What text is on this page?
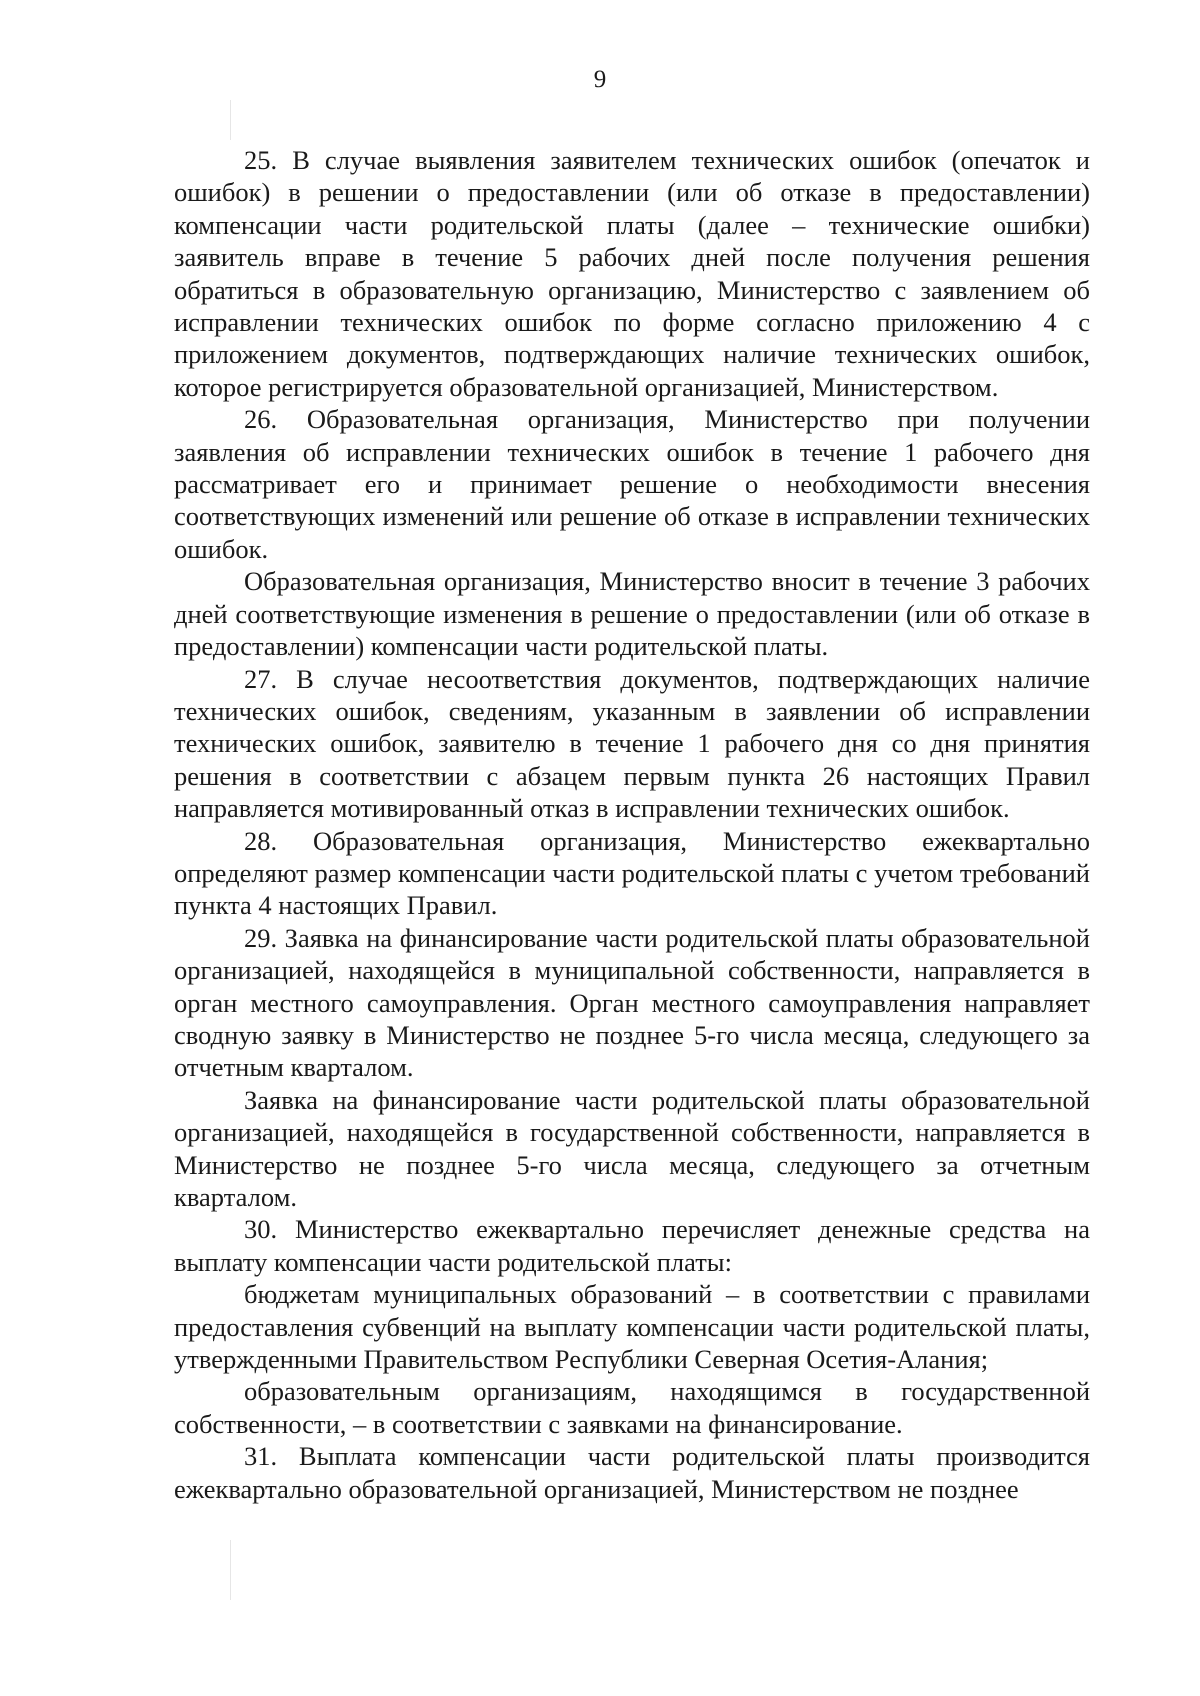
9

25. В случае выявления заявителем технических ошибок (опечаток и ошибок) в решении о предоставлении (или об отказе в предоставлении) компенсации части родительской платы (далее – технические ошибки) заявитель вправе в течение 5 рабочих дней после получения решения обратиться в образовательную организацию, Министерство с заявлением об исправлении технических ошибок по форме согласно приложению 4 с приложением документов, подтверждающих наличие технических ошибок, которое регистрируется образовательной организацией, Министерством.

26. Образовательная организация, Министерство при получении заявления об исправлении технических ошибок в течение 1 рабочего дня рассматривает его и принимает решение о необходимости внесения соответствующих изменений или решение об отказе в исправлении технических ошибок.

Образовательная организация, Министерство вносит в течение 3 рабочих дней соответствующие изменения в решение о предоставлении (или об отказе в предоставлении) компенсации части родительской платы.

27. В случае несоответствия документов, подтверждающих наличие технических ошибок, сведениям, указанным в заявлении об исправлении технических ошибок, заявителю в течение 1 рабочего дня со дня принятия решения в соответствии с абзацем первым пункта 26 настоящих Правил направляется мотивированный отказ в исправлении технических ошибок.

28. Образовательная организация, Министерство ежеквартально определяют размер компенсации части родительской платы с учетом требований пункта 4 настоящих Правил.

29. Заявка на финансирование части родительской платы образовательной организацией, находящейся в муниципальной собственности, направляется в орган местного самоуправления. Орган местного самоуправления направляет сводную заявку в Министерство не позднее 5-го числа месяца, следующего за отчетным кварталом.

Заявка на финансирование части родительской платы образовательной организацией, находящейся в государственной собственности, направляется в Министерство не позднее 5-го числа месяца, следующего за отчетным кварталом.

30. Министерство ежеквартально перечисляет денежные средства на выплату компенсации части родительской платы:

бюджетам муниципальных образований – в соответствии с правилами предоставления субвенций на выплату компенсации части родительской платы, утвержденными Правительством Республики Северная Осетия-Алания;

образовательным организациям, находящимся в государственной собственности, – в соответствии с заявками на финансирование.

31. Выплата компенсации части родительской платы производится ежеквартально образовательной организацией, Министерством не позднее
